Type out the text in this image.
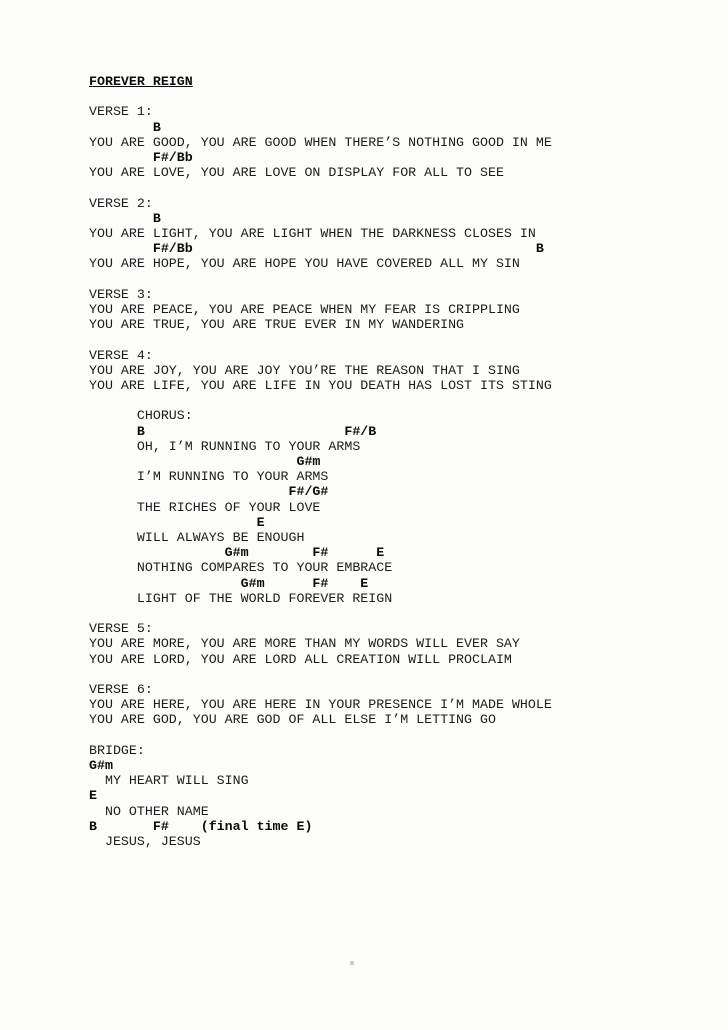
FOREVER REIGN
VERSE 1:
B
YOU ARE GOOD, YOU ARE GOOD WHEN THERE’S NOTHING GOOD IN ME
F#/Bb
YOU ARE LOVE, YOU ARE LOVE ON DISPLAY FOR ALL TO SEE
VERSE 2:
B
YOU ARE LIGHT, YOU ARE LIGHT WHEN THE DARKNESS CLOSES IN
F#/Bb                                           B
YOU ARE HOPE, YOU ARE HOPE YOU HAVE COVERED ALL MY SIN
VERSE 3:
YOU ARE PEACE, YOU ARE PEACE WHEN MY FEAR IS CRIPPLING
YOU ARE TRUE, YOU ARE TRUE EVER IN MY WANDERING
VERSE 4:
YOU ARE JOY, YOU ARE JOY YOU’RE THE REASON THAT I SING
YOU ARE LIFE, YOU ARE LIFE IN YOU DEATH HAS LOST ITS STING
CHORUS:
B                         F#/B
OH, I’M RUNNING TO YOUR ARMS
G#m
I’M RUNNING TO YOUR ARMS
F#/G#
THE RICHES OF YOUR LOVE
E
WILL ALWAYS BE ENOUGH
G#m        F#      E
NOTHING COMPARES TO YOUR EMBRACE
G#m      F#    E
LIGHT OF THE WORLD FOREVER REIGN
VERSE 5:
YOU ARE MORE, YOU ARE MORE THAN MY WORDS WILL EVER SAY
YOU ARE LORD, YOU ARE LORD ALL CREATION WILL PROCLAIM
VERSE 6:
YOU ARE HERE, YOU ARE HERE IN YOUR PRESENCE I’M MADE WHOLE
YOU ARE GOD, YOU ARE GOD OF ALL ELSE I’M LETTING GO
BRIDGE:
G#m
MY HEART WILL SING
E
NO OTHER NAME
B       F#    (final time E)
JESUS, JESUS
